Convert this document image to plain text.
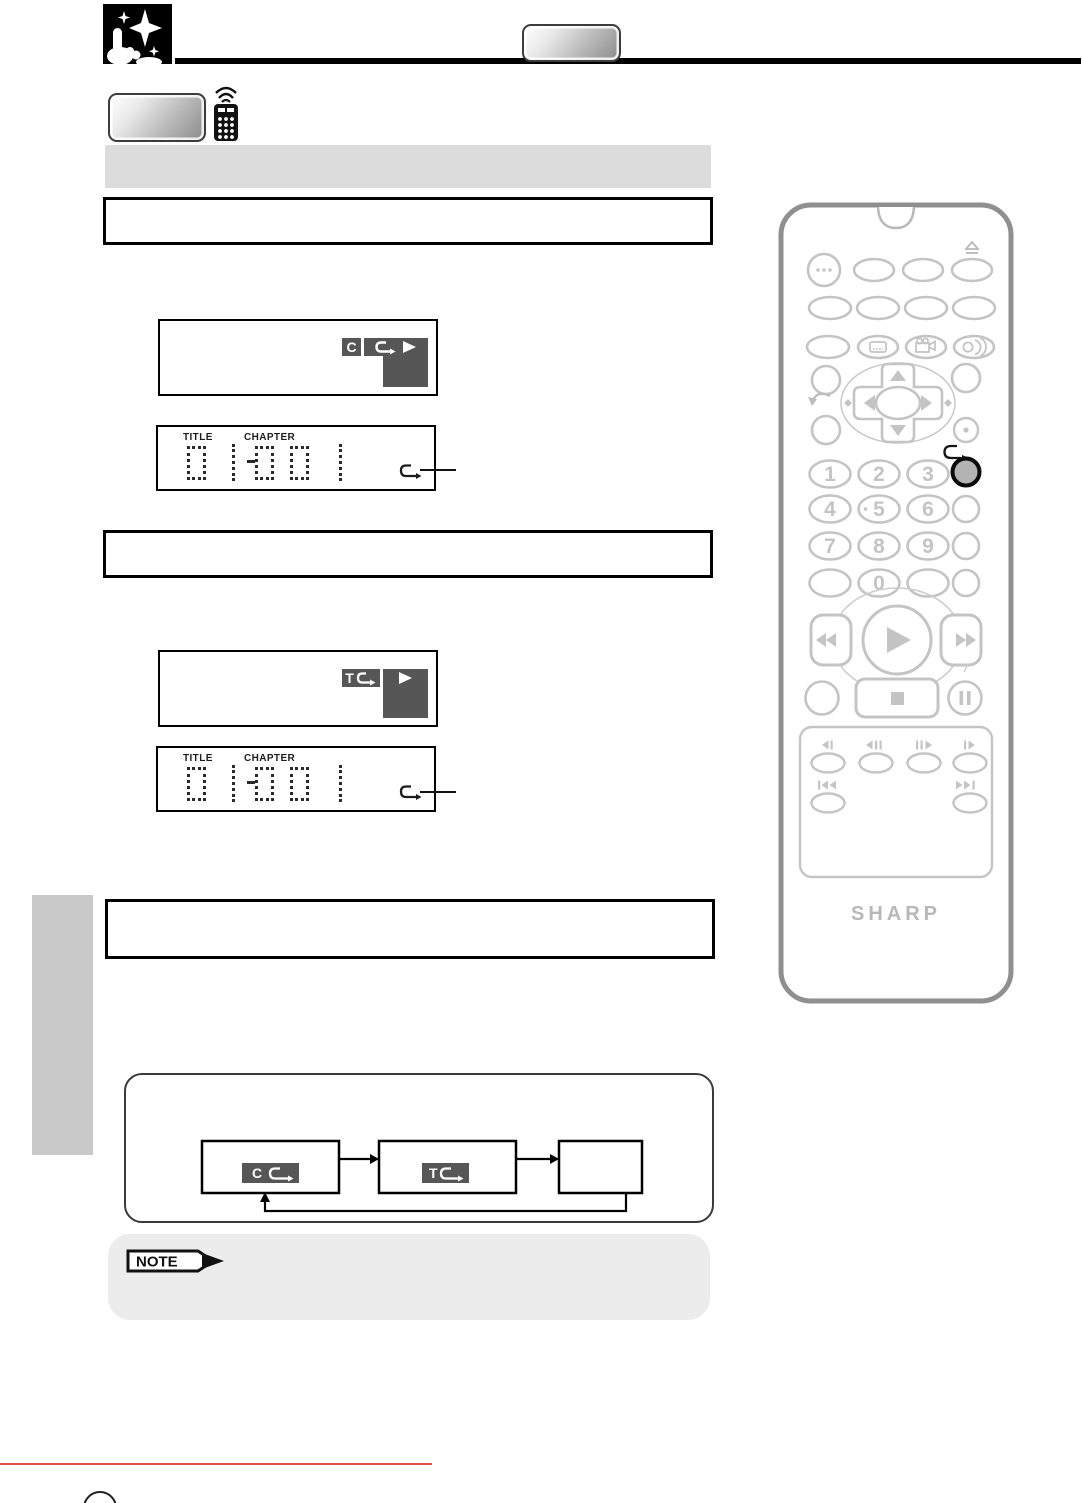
C
TITLE	CHAPTER
T
TITLE	CHAPTER
C	T
NOTE
1 2 3
4 5 6
7 8 9
0
SHARP
